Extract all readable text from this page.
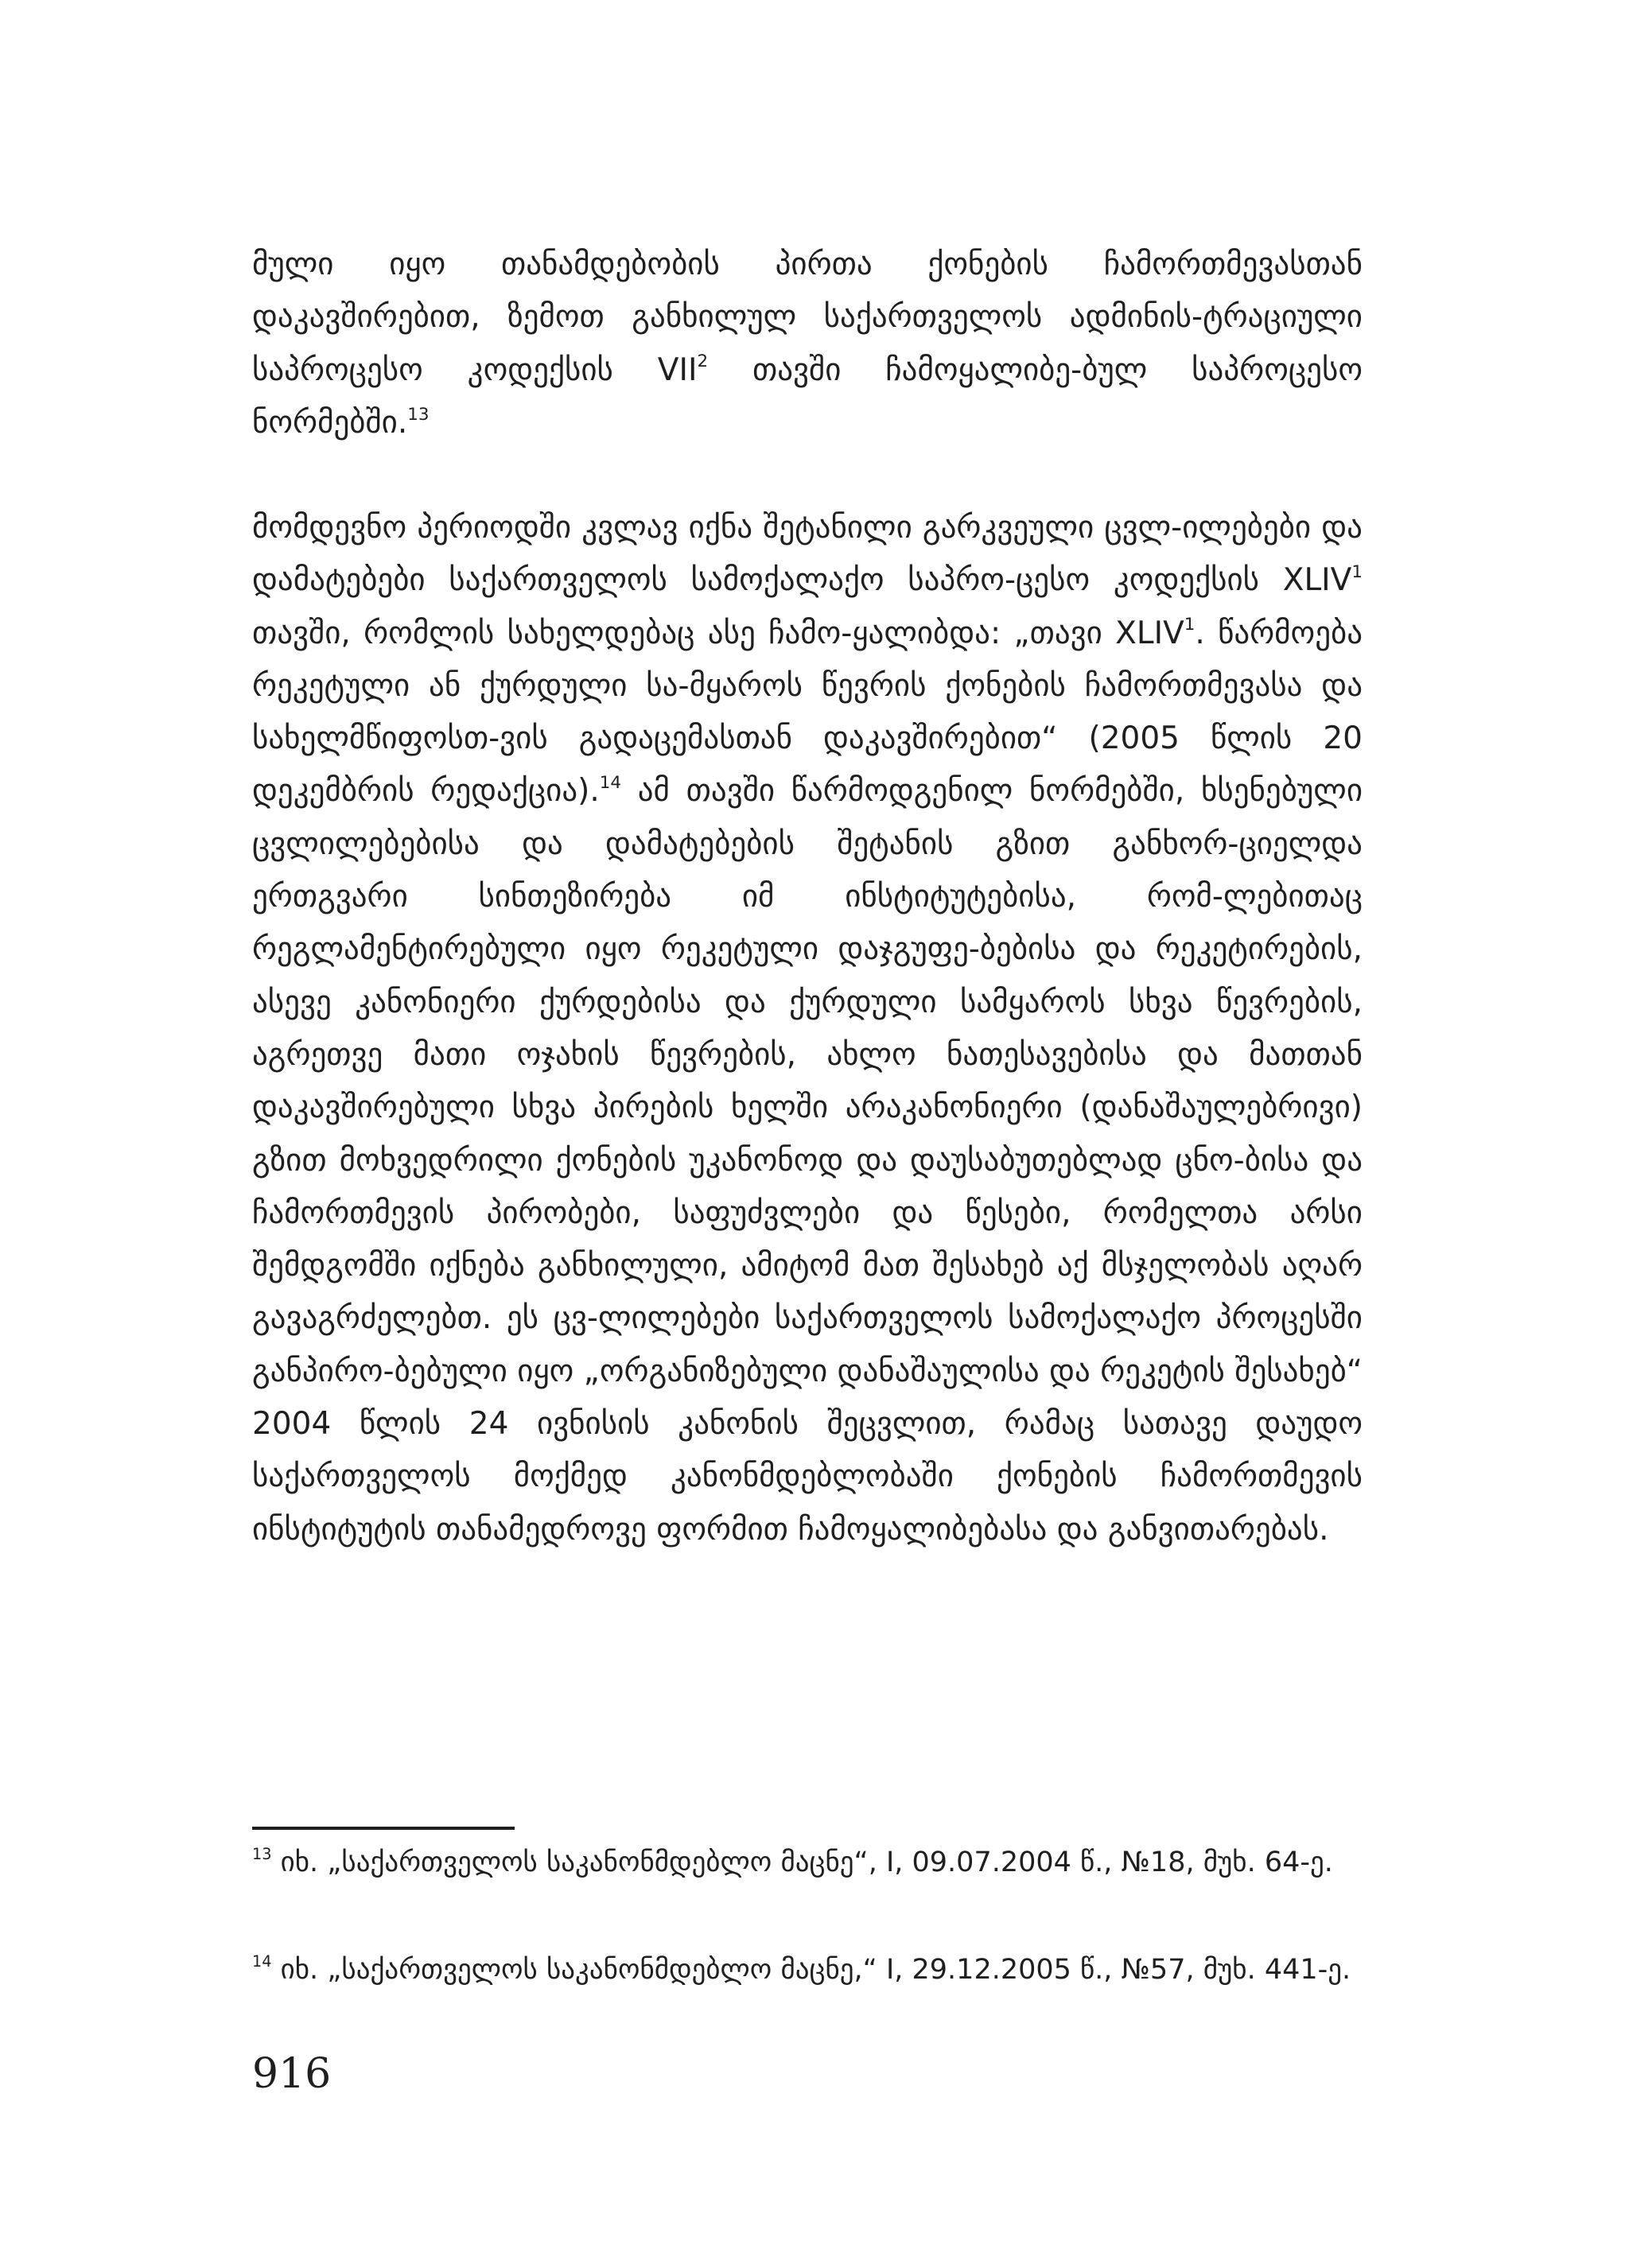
მული იყო თანამდებობის პირთა ქონების ჩამორთმევასთან დაკავშირებით, ზემოთ განხილულ საქართველოს ადმინის-ტრაციული საპროცესო კოდექსის VII$^2$ თავში ჩამოყალიბე-ბულ საპროცესო ნორმებში.$^{13}$

მომდევნო პერიოდში კვლავ იქნა შეტანილი გარკვეული ცვლ-ილებები და დამატებები საქართველოს სამოქალაქო საპრო-ცესო კოდექსის XLIV$^1$ თავში, რომლის სახელდებაც ასე ჩამო-ყალიბდა: „თავი XLIV$^1$. წარმოება რეკეტული ან ქურდული სა-მყაროს წევრის ქონების ჩამორთმევასა და სახელმწიფოსთ-ვის გადაცემასთან დაკავშირებით“ (2005 წლის 20 დეკემბრის რედაქცია).$^{14}$ ამ თავში წარმოდგენილ ნორმებში, ხსენებული ცვლილებებისა და დამატებების შეტანის გზით განხორ-ციელდა ერთგვარი სინთეზირება იმ ინსტიტუტებისა, რომ-ლებითაც რეგლამენტირებული იყო რეკეტული დაჯგუფე-ბებისა და რეკეტირების, ასევე კანონიერი ქურდებისა და ქურდული სამყაროს სხვა წევრების, აგრეთვე მათი ოჯახის წევრების, ახლო ნათესავებისა და მათთან დაკავშირებული სხვა პირების ხელში არაკანონიერი (დანაშაულებრივი) გზით მოხვედრილი ქონების უკანონოდ და დაუსაბუთებლად ცნო-ბისა და ჩამორთმევის პირობები, საფუძვლები და წესები, რომელთა არსი შემდგომში იქნება განხილული, ამიტომ მათ შესახებ აქ მსჯელობას აღარ გავაგრძელებთ. ეს ცვ-ლილებები საქართველოს სამოქალაქო პროცესში განპირო-ბებული იყო „ორგანიზებული დანაშაულისა და რეკეტის შესახებ“ 2004 წლის 24 ივნისის კანონის შეცვლით, რამაც სათავე დაუდო საქართველოს მოქმედ კანონმდებლობაში ქონების ჩამორთმევის ინსტიტუტის თანამედროვე ფორმით ჩამოყალიბებასა და განვითარებას.

$^{13}$ იხ. „საქართველოს საკანონმდებლო მაცნე“, I, 09.07.2004 წ., №18, მუხ. 64-ე.

$^{14}$ იხ. „საქართველოს საკანონმდებლო მაცნე,“ I, 29.12.2005 წ., №57, მუხ. 441-ე.

916
